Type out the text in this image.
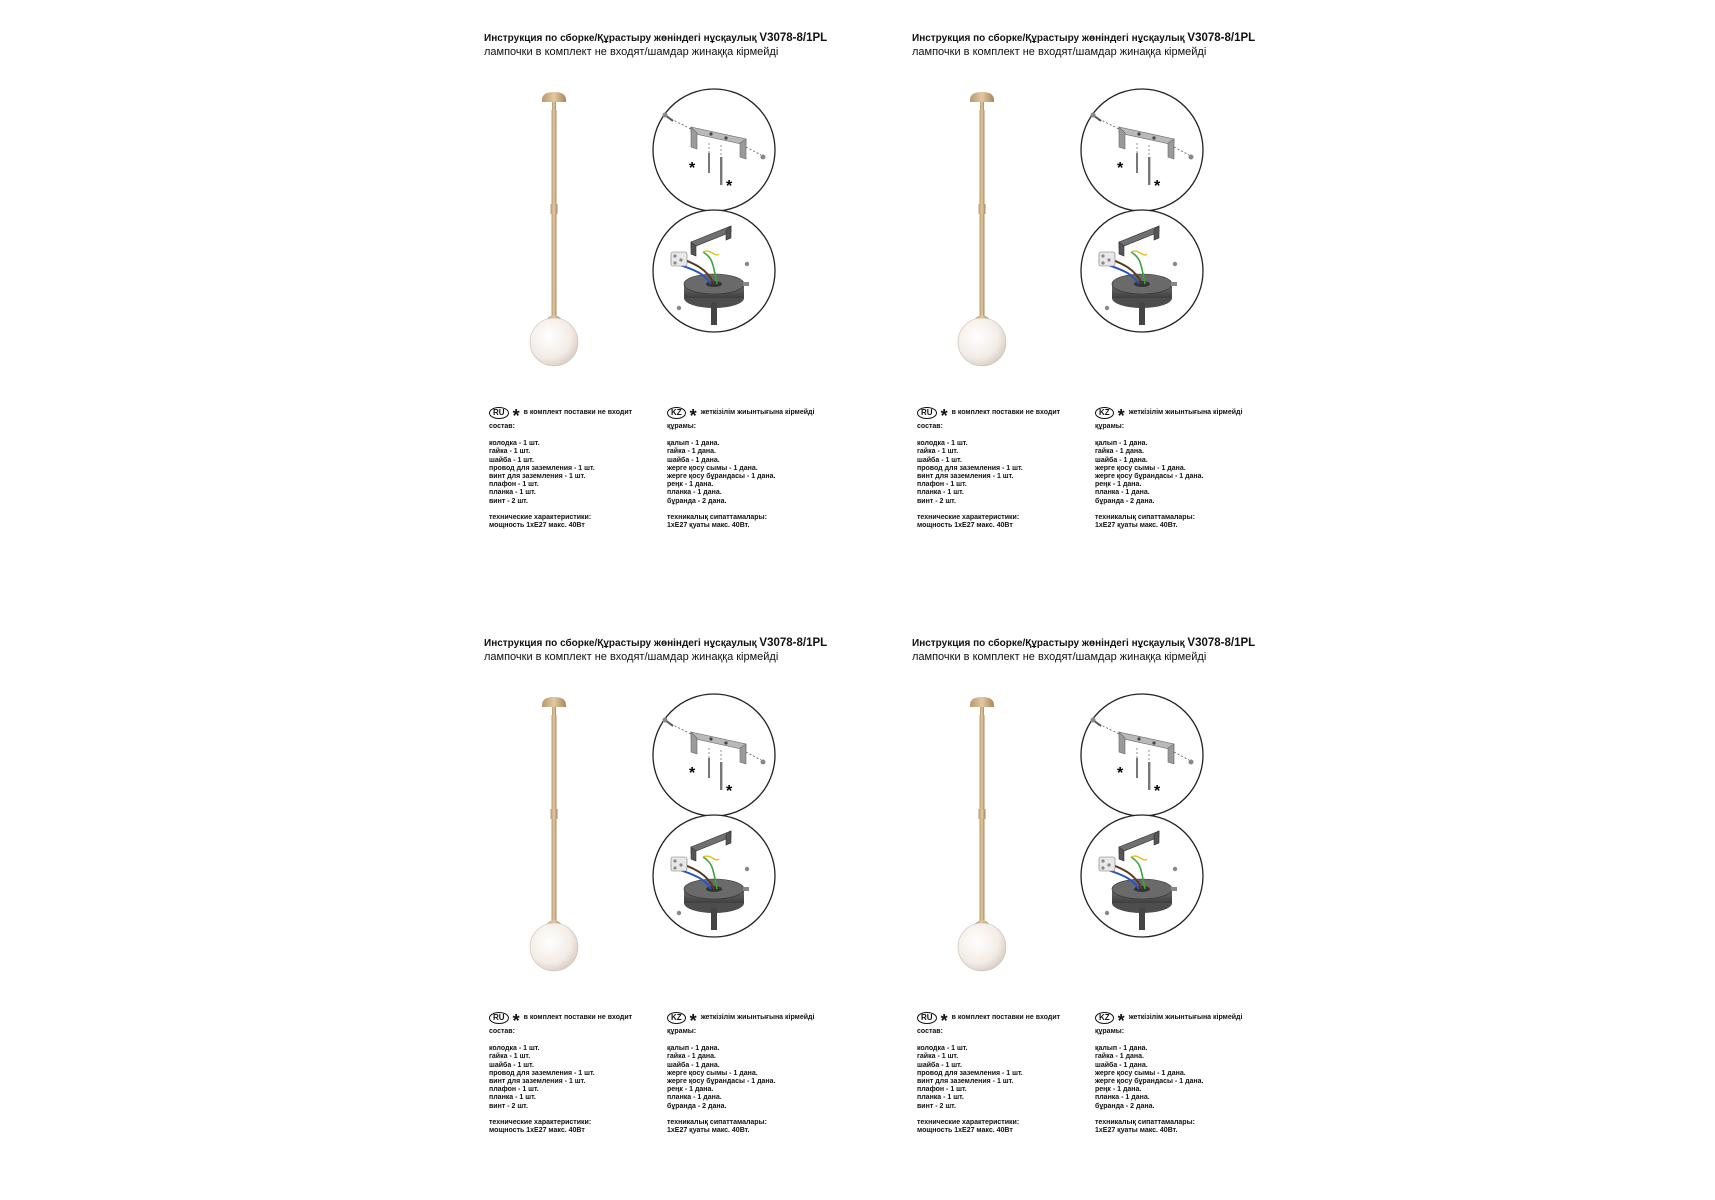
Инструкция по сборке/Құрастыру жөніндегі нұсқаулық V3078-8/1PL
лампочки в комплект не входят/шамдар жинаққа кірмейді
*
*
RU * в комплект поставки не входит
состав:
колодка - 1 шт.
гайка - 1 шт.
шайба - 1 шт.
провод для заземления - 1 шт.
винт для заземления - 1 шт.
плафон - 1 шт.
планка - 1 шт.
винт - 2 шт.
технические характеристики:
мощность 1хЕ27 макс. 40Вт
KZ * жеткізілім жиынтығына кірмейді
құрамы:
қалып - 1 дана.
гайка - 1 дана.
шайба - 1 дана.
жерге қосу сымы - 1 дана.
жерге қосу бұрандасы - 1 дана.
реңк - 1 дана.
планка - 1 дана.
бұранда - 2 дана.
техникалық сипаттамалары:
1хЕ27 қуаты макс. 40Вт.
Инструкция по сборке/Құрастыру жөніндегі нұсқаулық V3078-8/1PL
лампочки в комплект не входят/шамдар жинаққа кірмейді
*
*
RU * в комплект поставки не входит
состав:
колодка - 1 шт.
гайка - 1 шт.
шайба - 1 шт.
провод для заземления - 1 шт.
винт для заземления - 1 шт.
плафон - 1 шт.
планка - 1 шт.
винт - 2 шт.
технические характеристики:
мощность 1хЕ27 макс. 40Вт
KZ * жеткізілім жиынтығына кірмейді
құрамы:
қалып - 1 дана.
гайка - 1 дана.
шайба - 1 дана.
жерге қосу сымы - 1 дана.
жерге қосу бұрандасы - 1 дана.
реңк - 1 дана.
планка - 1 дана.
бұранда - 2 дана.
техникалық сипаттамалары:
1хЕ27 қуаты макс. 40Вт.
Инструкция по сборке/Құрастыру жөніндегі нұсқаулық V3078-8/1PL
лампочки в комплект не входят/шамдар жинаққа кірмейді
*
*
RU * в комплект поставки не входит
состав:
колодка - 1 шт.
гайка - 1 шт.
шайба - 1 шт.
провод для заземления - 1 шт.
винт для заземления - 1 шт.
плафон - 1 шт.
планка - 1 шт.
винт - 2 шт.
технические характеристики:
мощность 1хЕ27 макс. 40Вт
KZ * жеткізілім жиынтығына кірмейді
құрамы:
қалып - 1 дана.
гайка - 1 дана.
шайба - 1 дана.
жерге қосу сымы - 1 дана.
жерге қосу бұрандасы - 1 дана.
реңк - 1 дана.
планка - 1 дана.
бұранда - 2 дана.
техникалық сипаттамалары:
1хЕ27 қуаты макс. 40Вт.
Инструкция по сборке/Құрастыру жөніндегі нұсқаулық V3078-8/1PL
лампочки в комплект не входят/шамдар жинаққа кірмейді
*
*
RU * в комплект поставки не входит
состав:
колодка - 1 шт.
гайка - 1 шт.
шайба - 1 шт.
провод для заземления - 1 шт.
винт для заземления - 1 шт.
плафон - 1 шт.
планка - 1 шт.
винт - 2 шт.
технические характеристики:
мощность 1хЕ27 макс. 40Вт
KZ * жеткізілім жиынтығына кірмейді
құрамы:
қалып - 1 дана.
гайка - 1 дана.
шайба - 1 дана.
жерге қосу сымы - 1 дана.
жерге қосу бұрандасы - 1 дана.
реңк - 1 дана.
планка - 1 дана.
бұранда - 2 дана.
техникалық сипаттамалары:
1хЕ27 қуаты макс. 40Вт.
